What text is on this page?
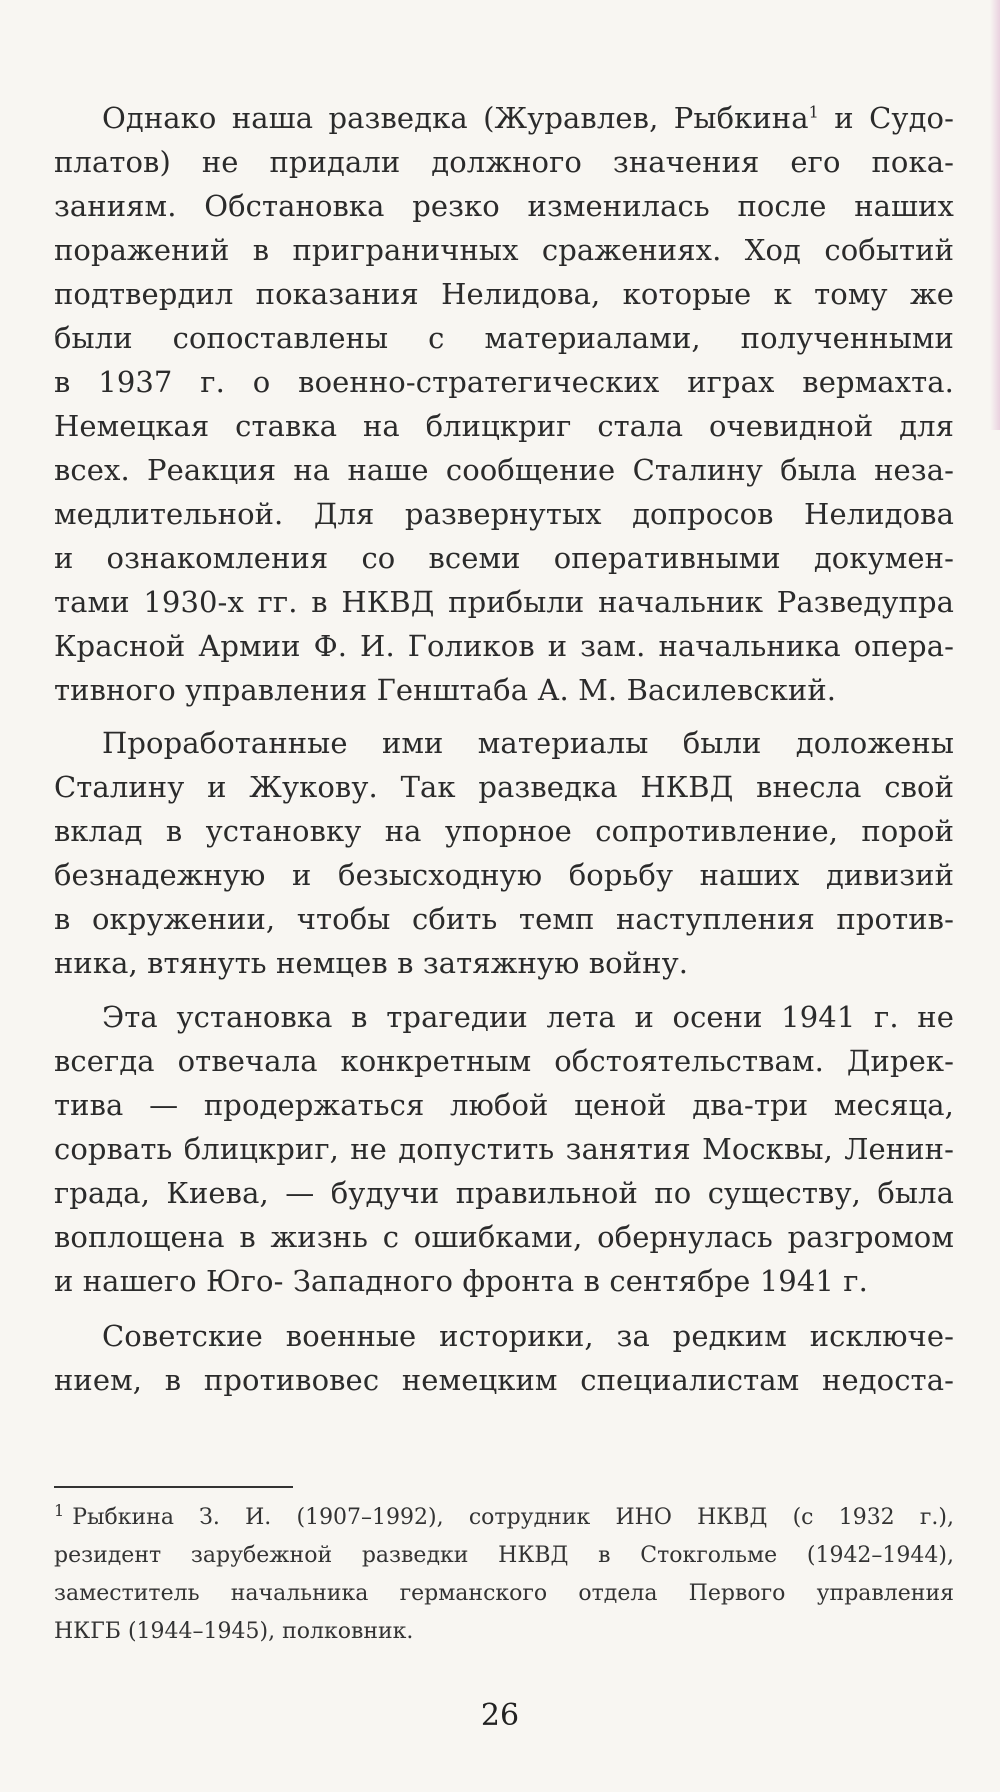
Однако наша разведка (Журавлев, Рыбкина$^1$ и Судо-
платов) не придали должного значения его пока-
заниям. Обстановка резко изменилась после наших
поражений в приграничных сражениях. Ход событий
подтвердил показания Нелидова, которые к тому же
были сопоставлены с материалами, полученными
в 1937 г. о военно-стратегических играх вермахта.
Немецкая ставка на блицкриг стала очевидной для
всех. Реакция на наше сообщение Сталину была неза-
медлительной. Для развернутых допросов Нелидова
и ознакомления со всеми оперативными докумен-
тами 1930-х гг. в НКВД прибыли начальник Разведупра
Красной Армии Ф. И. Голиков и зам. начальника опера-
тивного управления Генштаба А. М. Василевский.
Проработанные ими материалы были доложены
Сталину и Жукову. Так разведка НКВД внесла свой
вклад в установку на упорное сопротивление, порой
безнадежную и безысходную борьбу наших дивизий
в окружении, чтобы сбить темп наступления против-
ника, втянуть немцев в затяжную войну.
Эта установка в трагедии лета и осени 1941 г. не
всегда отвечала конкретным обстоятельствам. Дирек-
тива — продержаться любой ценой два-три месяца,
сорвать блицкриг, не допустить занятия Москвы, Ленин-
града, Киева, — будучи правильной по существу, была
воплощена в жизнь с ошибками, обернулась разгромом
и нашего Юго- Западного фронта в сентябре 1941 г.
Советские военные историки, за редким исключе-
нием, в противовес немецким специалистам недоста-
$^1$ Рыбкина З. И. (1907–1992), сотрудник ИНО НКВД (с 1932 г.),
резидент зарубежной разведки НКВД в Стокгольме (1942–1944),
заместитель начальника германского отдела Первого управления
НКГБ (1944–1945), полковник.
26
